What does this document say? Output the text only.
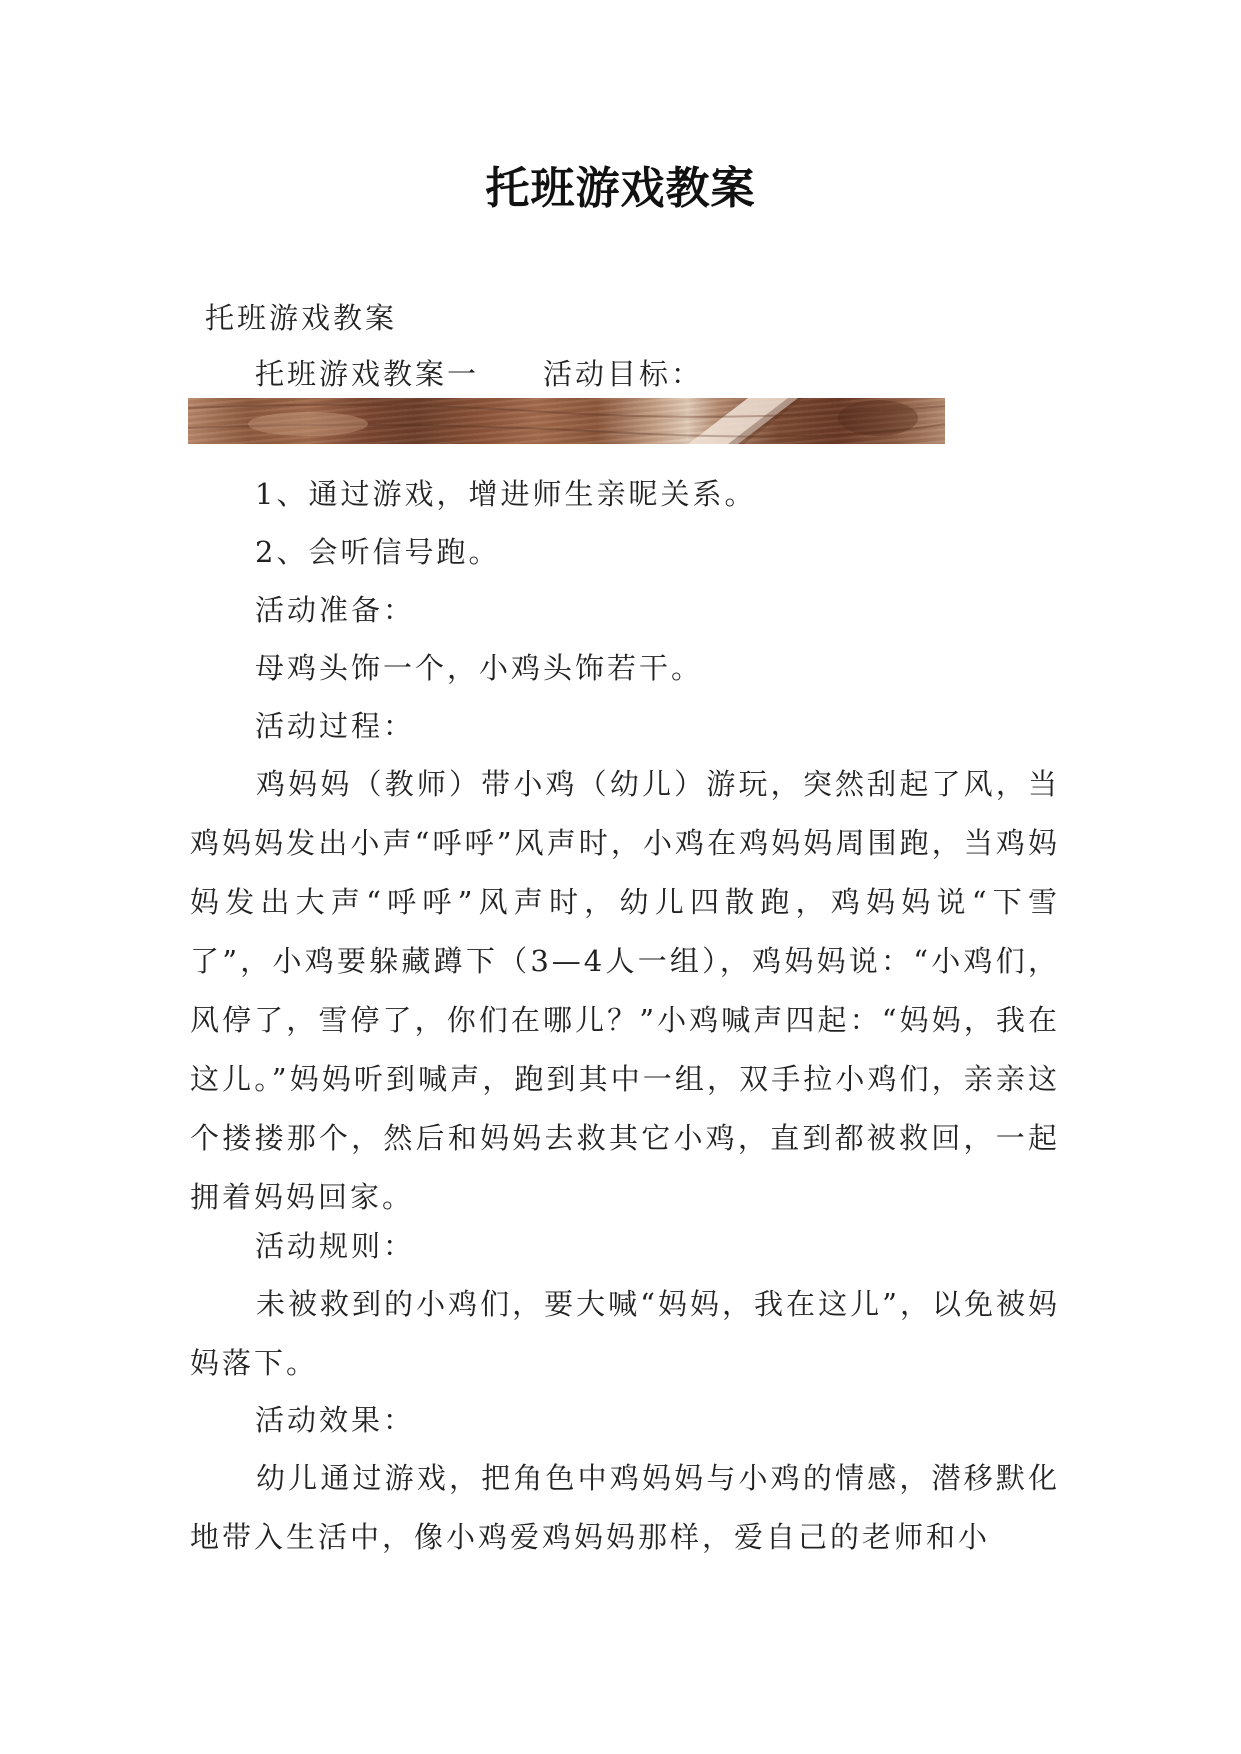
托班游戏教案
托班游戏教案
托班游戏教案一　　活动目标：
1、通过游戏，增进师生亲昵关系。
2、会听信号跑。
活动准备：
母鸡头饰一个，小鸡头饰若干。
活动过程：
鸡妈妈（教师）带小鸡（幼儿）游玩，突然刮起了风，当鸡妈妈发出小声“呼呼”风声时，小鸡在鸡妈妈周围跑，当鸡妈妈发出大声“呼呼”风声时，幼儿四散跑，鸡妈妈说“下雪了”，小鸡要躲藏蹲下（3—4人一组），鸡妈妈说：“小鸡们，风停了，雪停了，你们在哪儿？”小鸡喊声四起：“妈妈，我在这儿。”妈妈听到喊声，跑到其中一组，双手拉小鸡们，亲亲这个搂搂那个，然后和妈妈去救其它小鸡，直到都被救回，一起拥着妈妈回家。
活动规则：
未被救到的小鸡们，要大喊“妈妈，我在这儿”，以免被妈妈落下。
活动效果：
幼儿通过游戏，把角色中鸡妈妈与小鸡的情感，潜移默化地带入生活中，像小鸡爱鸡妈妈那样，爱自己的老师和小
